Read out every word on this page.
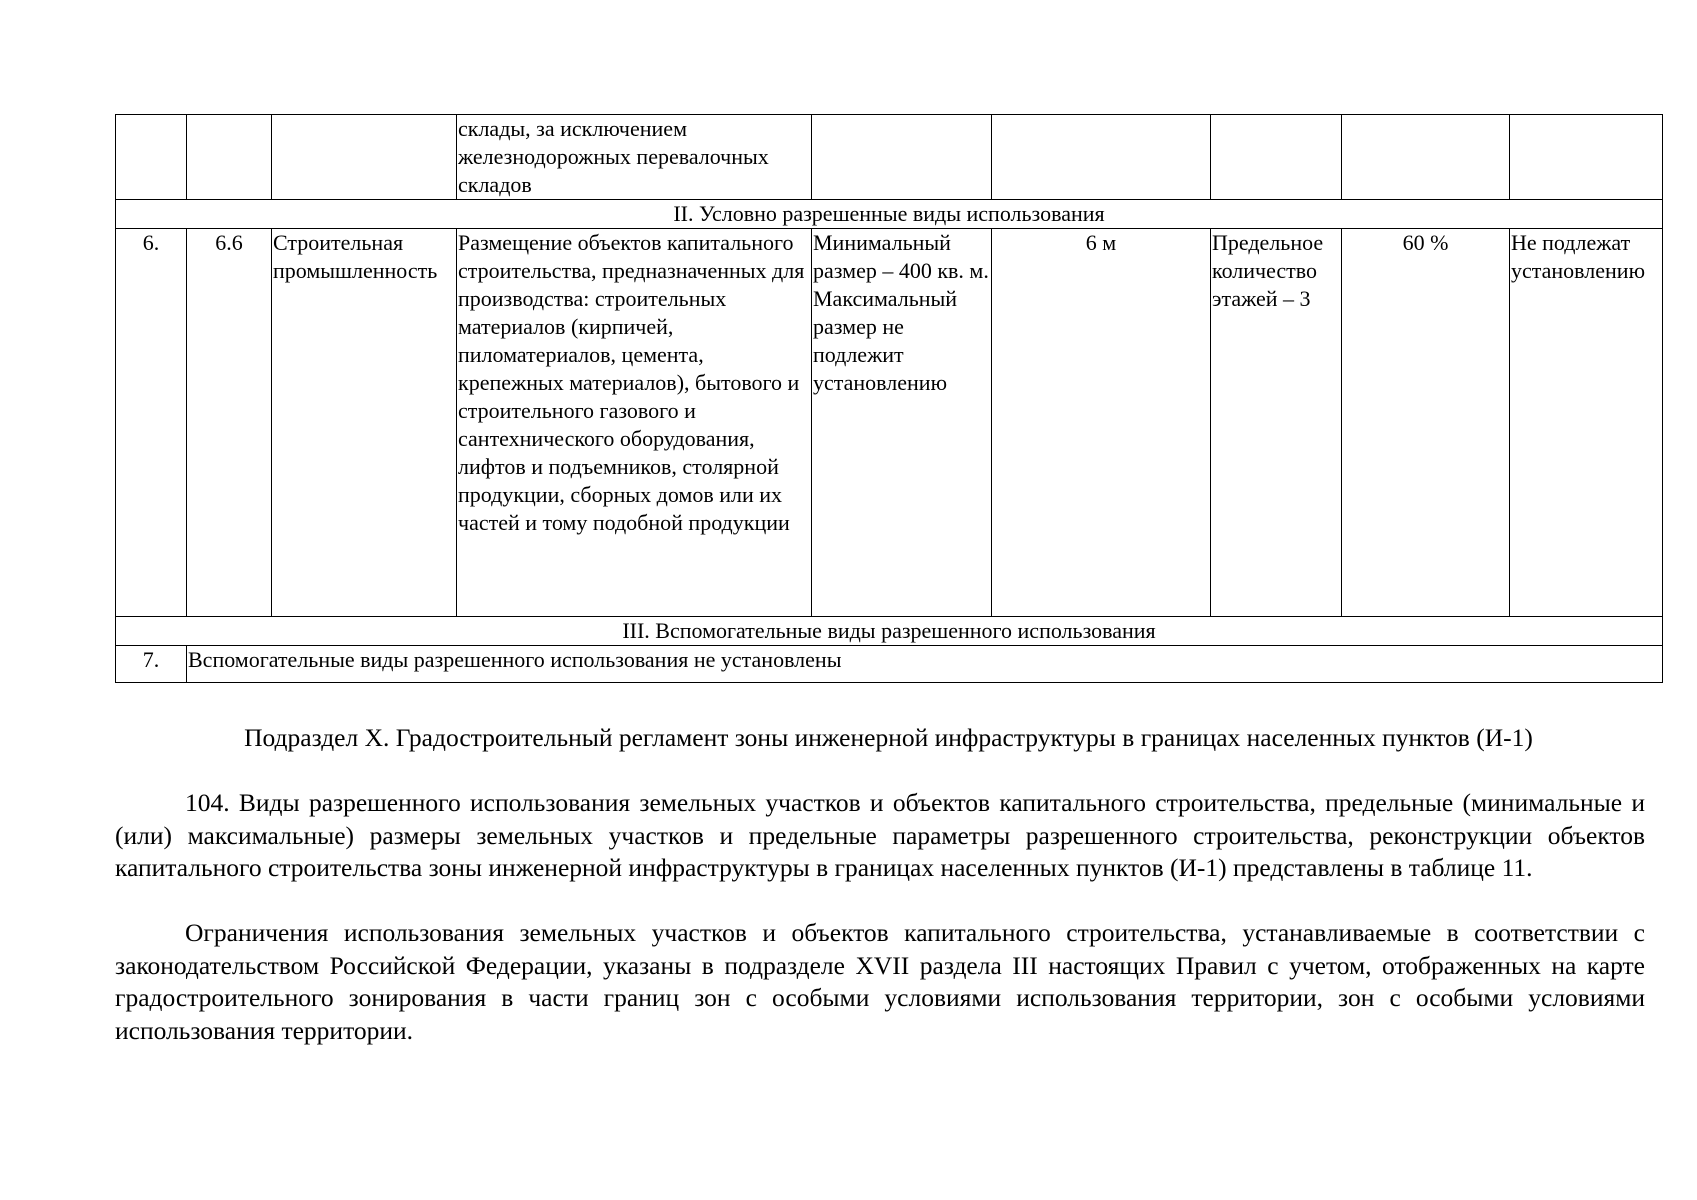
			склады, за исключением железнодорожных перевалочных складов					
II. Условно разрешенные виды использования								
6.	6.6	Строительная промышленность	Размещение объектов капитального строительства, предназначенных для производства: строительных материалов (кирпичей, пиломатериалов, цемента, крепежных материалов), бытового и строительного газового и сантехнического оборудования, лифтов и подъемников, столярной продукции, сборных домов или их частей и тому подобной продукции	Минимальный размер – 400 кв. м. Максимальный размер не подлежит установлению	6 м	Предельное количество этажей – 3	60 %	Не подлежат установлению
III. Вспомогательные виды разрешенного использования								
7.	Вспомогательные виды разрешенного использования не установлены							
Подраздел X. Градостроительный регламент зоны инженерной инфраструктуры в границах населенных пунктов (И-1)

104. Виды разрешенного использования земельных участков и объектов капитального строительства, предельные (минимальные и (или) максимальные) размеры земельных участков и предельные параметры разрешенного строительства, реконструкции объектов капитального строительства зоны инженерной инфраструктуры в границах населенных пунктов (И-1) представлены в таблице 11.

Ограничения использования земельных участков и объектов капитального строительства, устанавливаемые в соответствии с законодательством Российской Федерации, указаны в подразделе XVII раздела III настоящих Правил с учетом, отображенных на карте градостроительного зонирования в части границ зон с особыми условиями использования территории, зон с особыми условиями использования территории.
